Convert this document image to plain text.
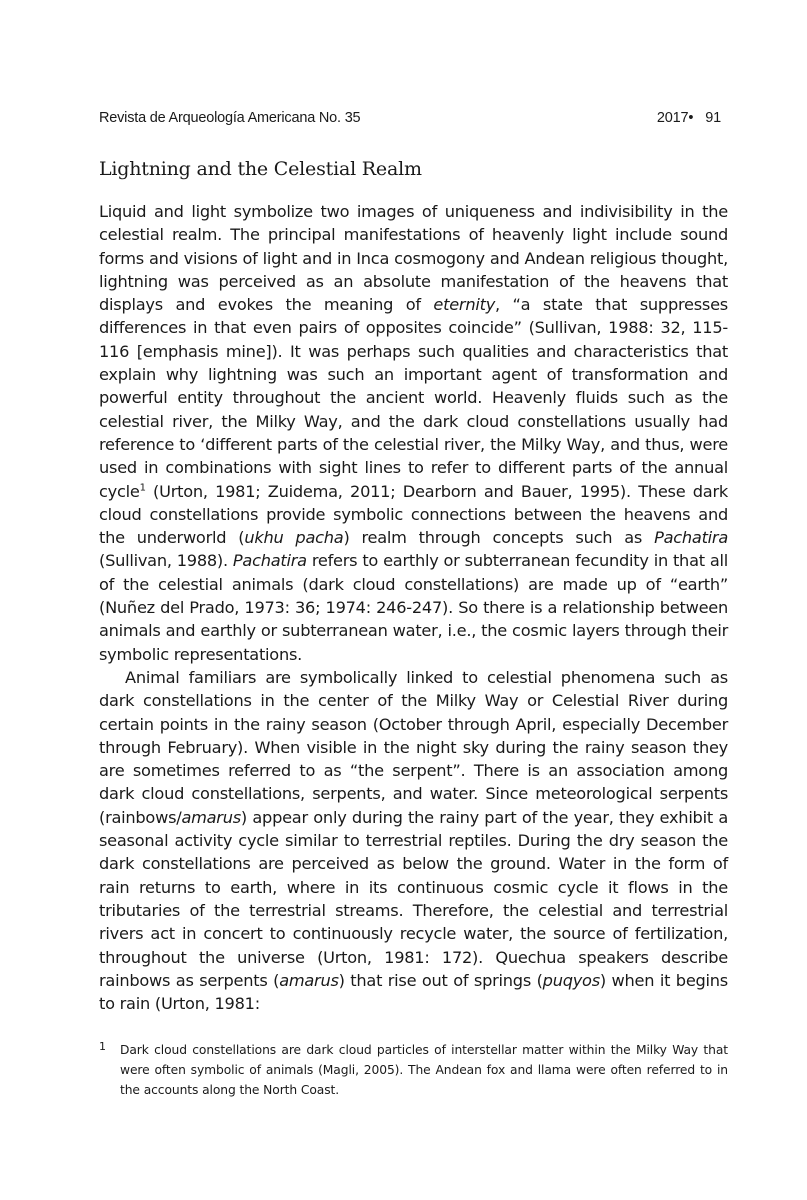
Revista de Arqueología Americana No. 35	2017• 91
Lightning and the Celestial Realm

Liquid and light symbolize two images of uniqueness and indivisibility in the celestial realm. The principal manifestations of heavenly light include sound forms and visions of light and in Inca cosmogony and Andean religious thought, lightning was perceived as an absolute manifestation of the heavens that displays and evokes the meaning of eternity, “a state that suppresses differences in that even pairs of opposites coincide” (Sullivan, 1988: 32, 115-116 [emphasis mine]). It was perhaps such qualities and characteristics that explain why lightning was such an important agent of transformation and powerful entity throughout the ancient world. Heavenly fluids such as the celestial river, the Milky Way, and the dark cloud constellations usually had reference to ‘different parts of the celestial river, the Milky Way, and thus, were used in combinations with sight lines to refer to different parts of the annual cycle$^1$ (Urton, 1981; Zuidema, 2011; Dearborn and Bauer, 1995). These dark cloud constellations provide symbolic connections between the heavens and the underworld (ukhu pacha) realm through concepts such as Pachatira (Sullivan, 1988). Pachatira refers to earthly or subterranean fecundity in that all of the celestial animals (dark cloud constellations) are made up of “earth” (Nuñez del Prado, 1973: 36; 1974: 246-247). So there is a relationship between animals and earthly or subterranean water, i.e., the cosmic layers through their symbolic representations.

Animal familiars are symbolically linked to celestial phenomena such as dark constellations in the center of the Milky Way or Celestial River during certain points in the rainy season (October through April, especially December through February). When visible in the night sky during the rainy season they are sometimes referred to as “the serpent”. There is an association among dark cloud constellations, serpents, and water. Since meteorological serpents (rainbows/amarus) appear only during the rainy part of the year, they exhibit a seasonal activity cycle similar to terrestrial reptiles. During the dry season the dark constellations are perceived as below the ground. Water in the form of rain returns to earth, where in its continuous cosmic cycle it flows in the tributaries of the terrestrial streams. Therefore, the celestial and terrestrial rivers act in concert to continuously recycle water, the source of fertilization, throughout the universe (Urton, 1981: 172). Quechua speakers describe rainbows as serpents (amarus) that rise out of springs (puqyos) when it begins to rain (Urton, 1981:

1	Dark cloud constellations are dark cloud particles of interstellar matter within the Milky Way that were often symbolic of animals (Magli, 2005). The Andean fox and llama were often referred to in the accounts along the North Coast.
